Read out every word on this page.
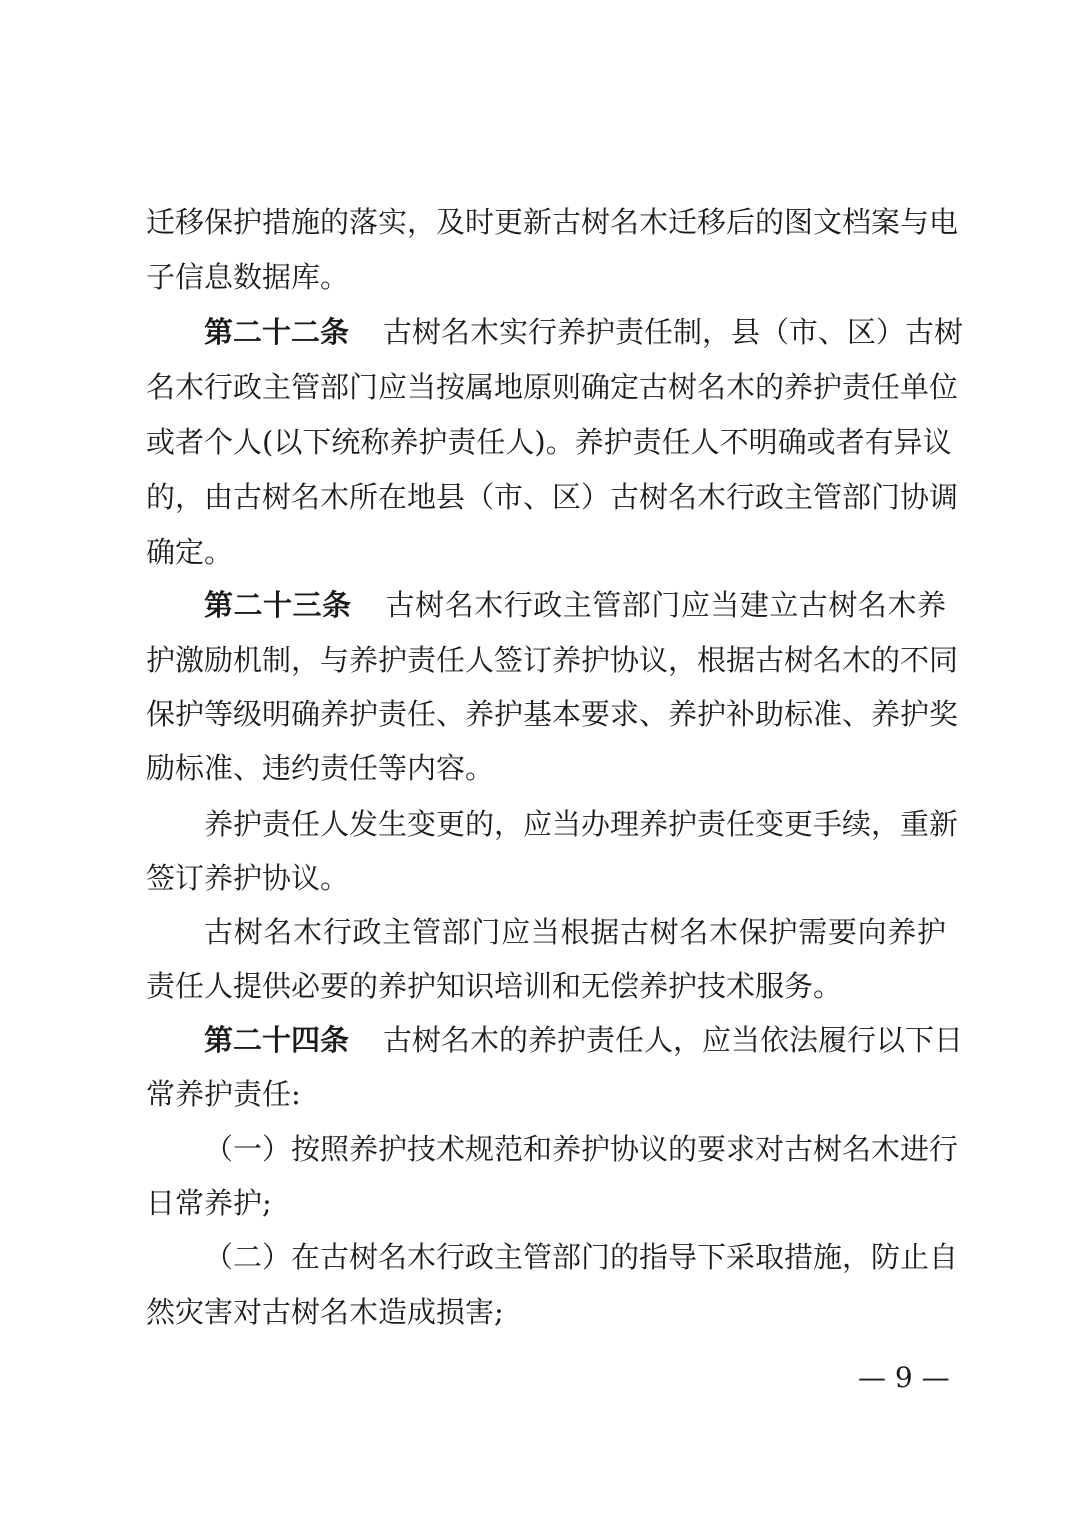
迁移保护措施的落实，及时更新古树名木迁移后的图文档案与电
子信息数据库。
第二十二条 古树名木实行养护责任制，县（市、区）古树
名木行政主管部门应当按属地原则确定古树名木的养护责任单位
或者个人(以下统称养护责任人)。养护责任人不明确或者有异议
的，由古树名木所在地县（市、区）古树名木行政主管部门协调
确定。
第二十三条 古树名木行政主管部门应当建立古树名木养
护激励机制，与养护责任人签订养护协议，根据古树名木的不同
保护等级明确养护责任、养护基本要求、养护补助标准、养护奖
励标准、违约责任等内容。
养护责任人发生变更的，应当办理养护责任变更手续，重新
签订养护协议。
古树名木行政主管部门应当根据古树名木保护需要向养护
责任人提供必要的养护知识培训和无偿养护技术服务。
第二十四条 古树名木的养护责任人，应当依法履行以下日
常养护责任:
（一）按照养护技术规范和养护协议的要求对古树名木进行
日常养护;
（二）在古树名木行政主管部门的指导下采取措施，防止自
然灾害对古树名木造成损害;
— 9 —
